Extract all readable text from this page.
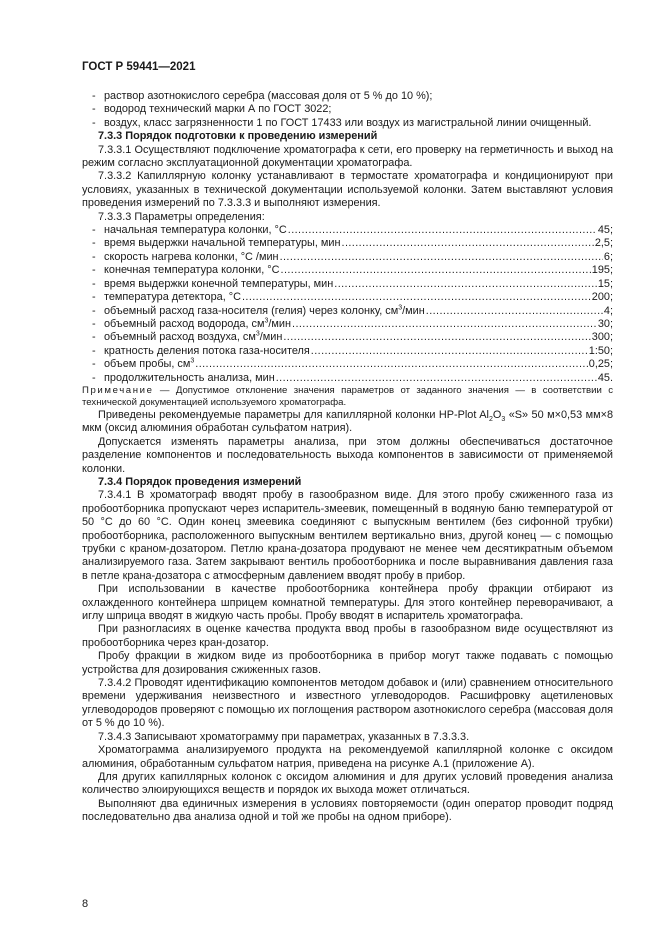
ГОСТ Р 59441—2021

- раствор азотнокислого серебра (массовая доля от 5 % до 10 %);

- водород технический марки А по ГОСТ 3022;

- воздух, класс загрязненности 1 по ГОСТ 17433 или воздух из магистральной линии очищенный.

7.3.3 Порядок подготовки к проведению измерений

7.3.3.1 Осуществляют подключение хроматографа к сети, его проверку на герметичность и выход на режим согласно эксплуатационной документации хроматографа.

7.3.3.2 Капиллярную колонку устанавливают в термостате хроматографа и кондиционируют при условиях, указанных в технической документации используемой колонки. Затем выставляют условия проведения измерений по 7.3.3.3 и выполняют измерения.

7.3.3.3 Параметры определения:

- начальная температура колонки, °С .....	45;
- время выдержки начальной температуры, мин .....	2,5;
- скорость нагрева колонки, °С /мин .....	6;
- конечная температура колонки, °С .....	195;
- время выдержки конечной температуры, мин .....	15;
- температура детектора, °С .....	200;
- объемный расход газа-носителя (гелия) через колонку, $см^3$/мин .....	4;
- объемный расход водорода, $см^3$/мин .....	30;
- объемный расход воздуха, $см^3$/мин .....	300;
- кратность деления потока газа-носителя .....	1:50;
- объем пробы, $см^3$ .....	0,25;
- продолжительность анализа, мин .....	45.

Примечание — Допустимое отклонение значения параметров от заданного значения — в соответствии с технической документацией используемого хроматографа.

Приведены рекомендуемые параметры для капиллярной колонки HP-Plot $Al_2O_3$ «S» 50 м×0,53 мм×8 мкм (оксид алюминия обработан сульфатом натрия).

Допускается изменять параметры анализа, при этом должны обеспечиваться достаточное разделение компонентов и последовательность выхода компонентов в зависимости от применяемой колонки.

7.3.4 Порядок проведения измерений

7.3.4.1 В хроматограф вводят пробу в газообразном виде. Для этого пробу сжиженного газа из пробоотборника пропускают через испаритель-змеевик, помещенный в водяную баню температурой от 50 °С до 60 °С. Один конец змеевика соединяют с выпускным вентилем (без сифонной трубки) пробоотборника, расположенного выпускным вентилем вертикально вниз, другой конец — с помощью трубки с краном-дозатором. Петлю крана-дозатора продувают не менее чем десятикратным объемом анализируемого газа. Затем закрывают вентиль пробоотборника и после выравнивания давления газа в петле крана-дозатора с атмосферным давлением вводят пробу в прибор.

При использовании в качестве пробоотборника контейнера пробу фракции отбирают из охлажденного контейнера шприцем комнатной температуры. Для этого контейнер переворачивают, а иглу шприца вводят в жидкую часть пробы. Пробу вводят в испаритель хроматографа.

При разногласиях в оценке качества продукта ввод пробы в газообразном виде осуществляют из пробоотборника через кран-дозатор.

Пробу фракции в жидком виде из пробоотборника в прибор могут также подавать с помощью устройства для дозирования сжиженных газов.

7.3.4.2 Проводят идентификацию компонентов методом добавок и (или) сравнением относительного времени удерживания неизвестного и известного углеводородов. Расшифровку ацетиленовых углеводородов проверяют с помощью их поглощения раствором азотнокислого серебра (массовая доля от 5 % до 10 %).

7.3.4.3 Записывают хроматограмму при параметрах, указанных в 7.3.3.3.

Хроматограмма анализируемого продукта на рекомендуемой капиллярной колонке с оксидом алюминия, обработанным сульфатом натрия, приведена на рисунке А.1 (приложение А).

Для других капиллярных колонок с оксидом алюминия и для других условий проведения анализа количество элюирующихся веществ и порядок их выхода может отличаться.

Выполняют два единичных измерения в условиях повторяемости (один оператор проводит подряд последовательно два анализа одной и той же пробы на одном приборе).

8
